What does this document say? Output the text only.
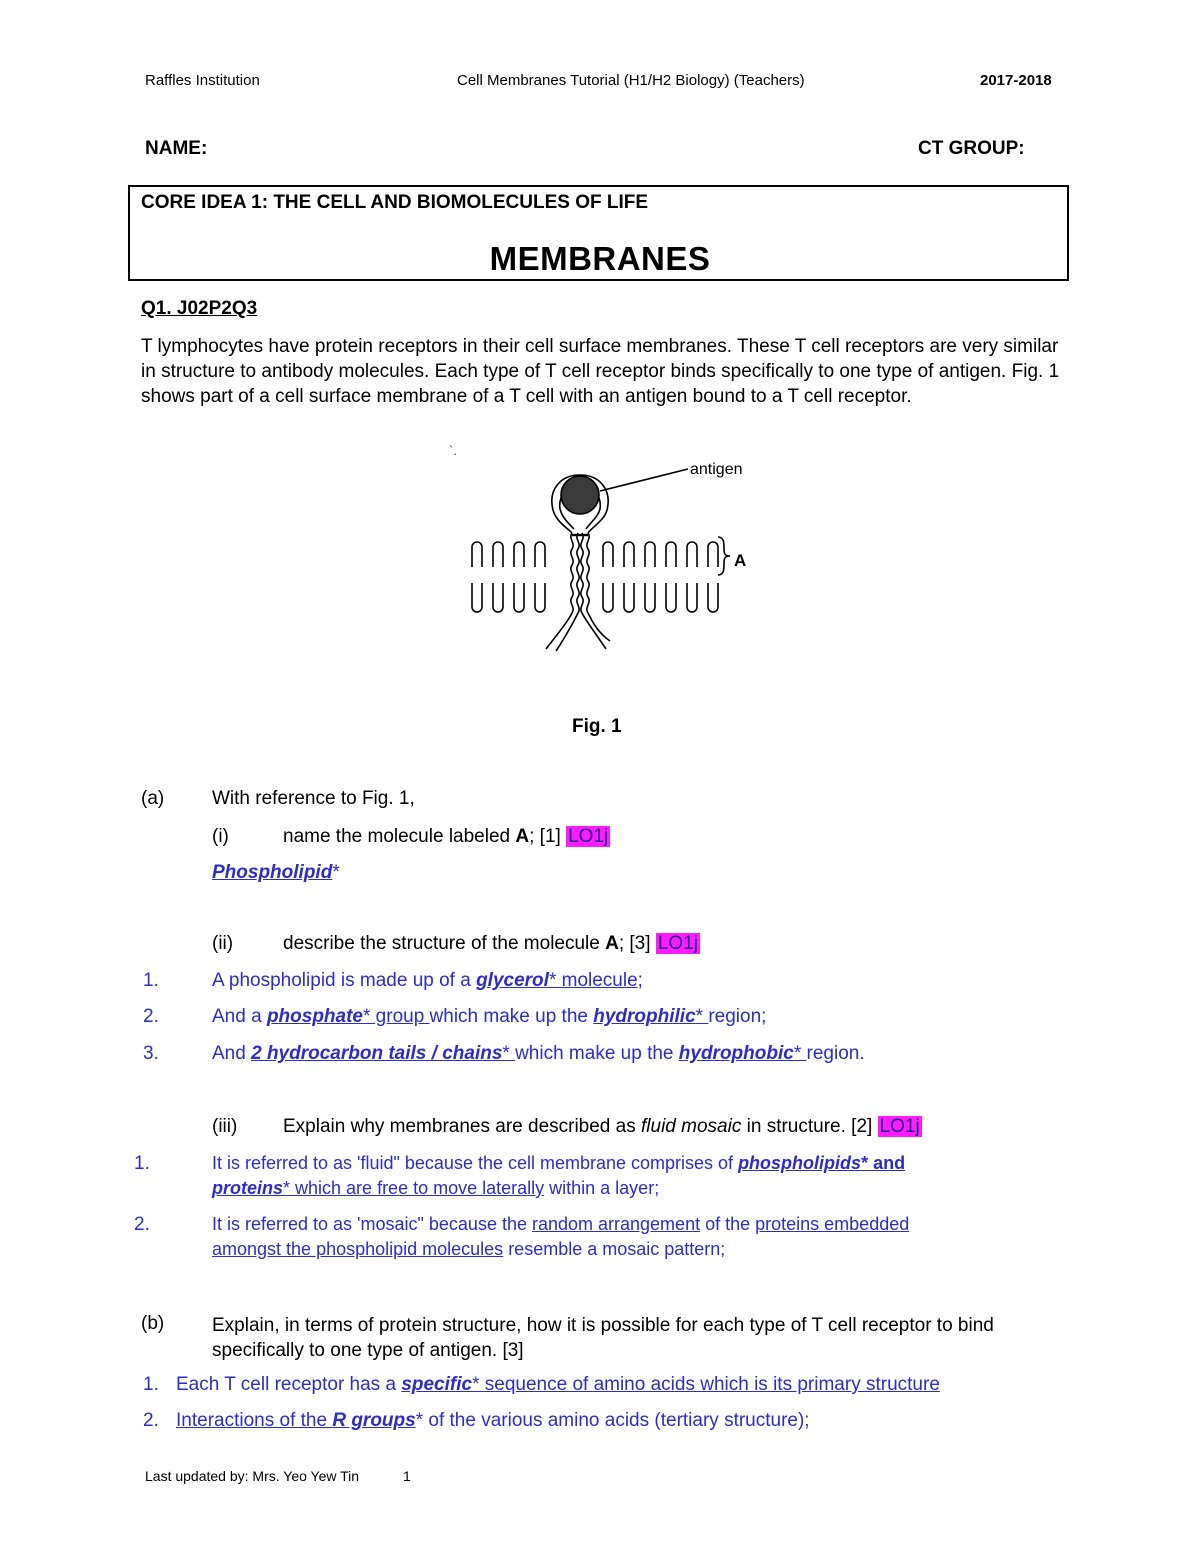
Raffles Institution	Cell Membranes Tutorial (H1/H2 Biology) (Teachers)	2017-2018
NAME:	CT GROUP:
CORE IDEA 1: THE CELL AND BIOMOLECULES OF LIFE
MEMBRANES
Q1. J02P2Q3
T lymphocytes have protein receptors in their cell surface membranes. These T cell receptors are very similar in structure to antibody molecules. Each type of T cell receptor binds specifically to one type of antigen. Fig. 1 shows part of a cell surface membrane of a T cell with an antigen bound to a T cell receptor.
`.
antigen
A
Fig. 1
(a)	With reference to Fig. 1,
(i)	name the molecule labeled A; [1] LO1j
Phospholipid*
(ii)	describe the structure of the molecule A; [3] LO1j
1.	A phospholipid is made up of a glycerol* molecule;
2.	And a phosphate* group which make up the hydrophilic* region;
3.	And 2 hydrocarbon tails / chains* which make up the hydrophobic* region.
(iii) Explain why membranes are described as fluid mosaic in structure. [2] LO1j
1.	It is referred to as 'fluid" because the cell membrane comprises of phospholipids* and
proteins* which are free to move laterally within a layer;
2.	It is referred to as 'mosaic" because the random arrangement of the proteins embedded
amongst the phospholipid molecules resemble a mosaic pattern;
(b)	Explain, in terms of protein structure, how it is possible for each type of T cell receptor to bind specifically to one type of antigen. [3]
1. Each T cell receptor has a specific* sequence of amino acids which is its primary structure
2. Interactions of the R groups* of the various amino acids (tertiary structure);
Last updated by: Mrs. Yeo Yew Tin	1
